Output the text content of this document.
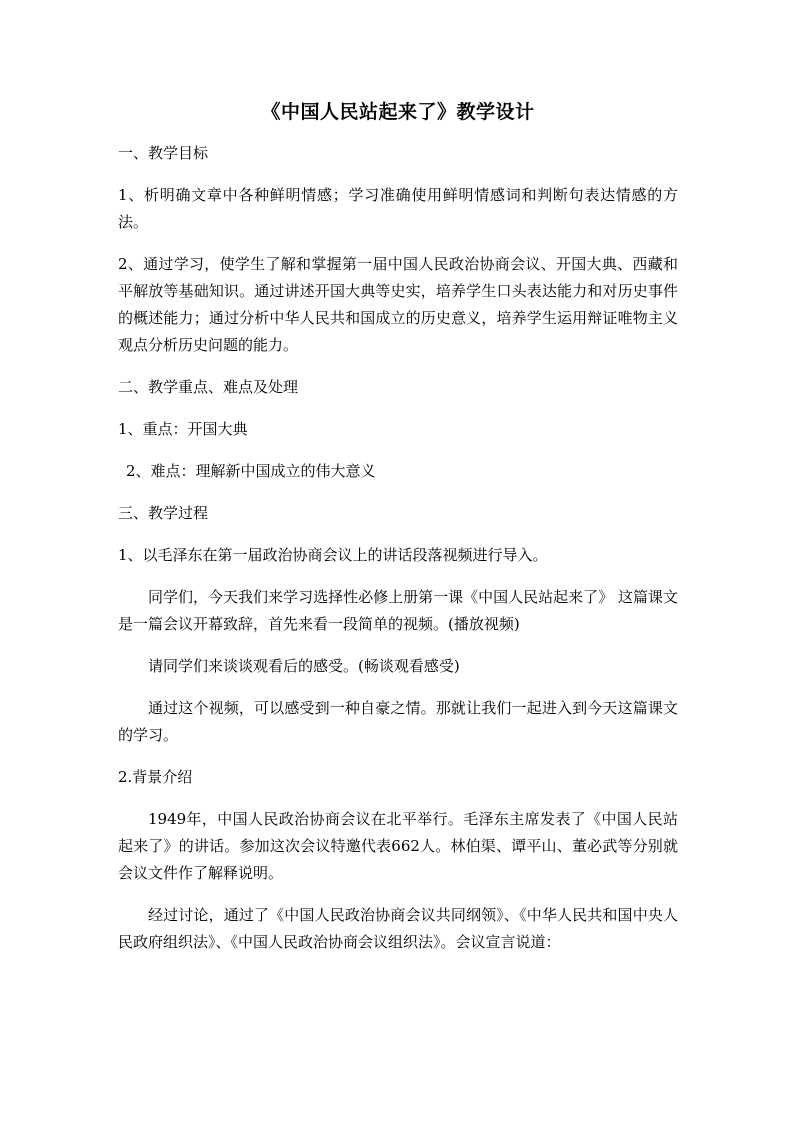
《中国人民站起来了》教学设计
一、教学目标
1、析明确文章中各种鲜明情感；学习准确使用鲜明情感词和判断句表达情感的方法。
2、通过学习，使学生了解和掌握第一届中国人民政治协商会议、开国大典、西藏和平解放等基础知识。通过讲述开国大典等史实，培养学生口头表达能力和对历史事件的概述能力；通过分析中华人民共和国成立的历史意义，培养学生运用辩证唯物主义观点分析历史问题的能力。
二、教学重点、难点及处理
1、重点：开国大典
2、难点：理解新中国成立的伟大意义
三、教学过程
1、以毛泽东在第一届政治协商会议上的讲话段落视频进行导入。
同学们，今天我们来学习选择性必修上册第一课《中国人民站起来了》 这篇课文是一篇会议开幕致辞，首先来看一段简单的视频。(播放视频)
请同学们来谈谈观看后的感受。(畅谈观看感受)
通过这个视频，可以感受到一种自豪之情。那就让我们一起进入到今天这篇课文的学习。
2.背景介绍
1949年，中国人民政治协商会议在北平举行。毛泽东主席发表了《中国人民站起来了》的讲话。参加这次会议特邀代表662人。林伯渠、谭平山、董必武等分别就会议文件作了解释说明。
经过讨论，通过了《中国人民政治协商会议共同纲领》、《中华人民共和国中央人民政府组织法》、《中国人民政治协商会议组织法》。会议宣言说道：
